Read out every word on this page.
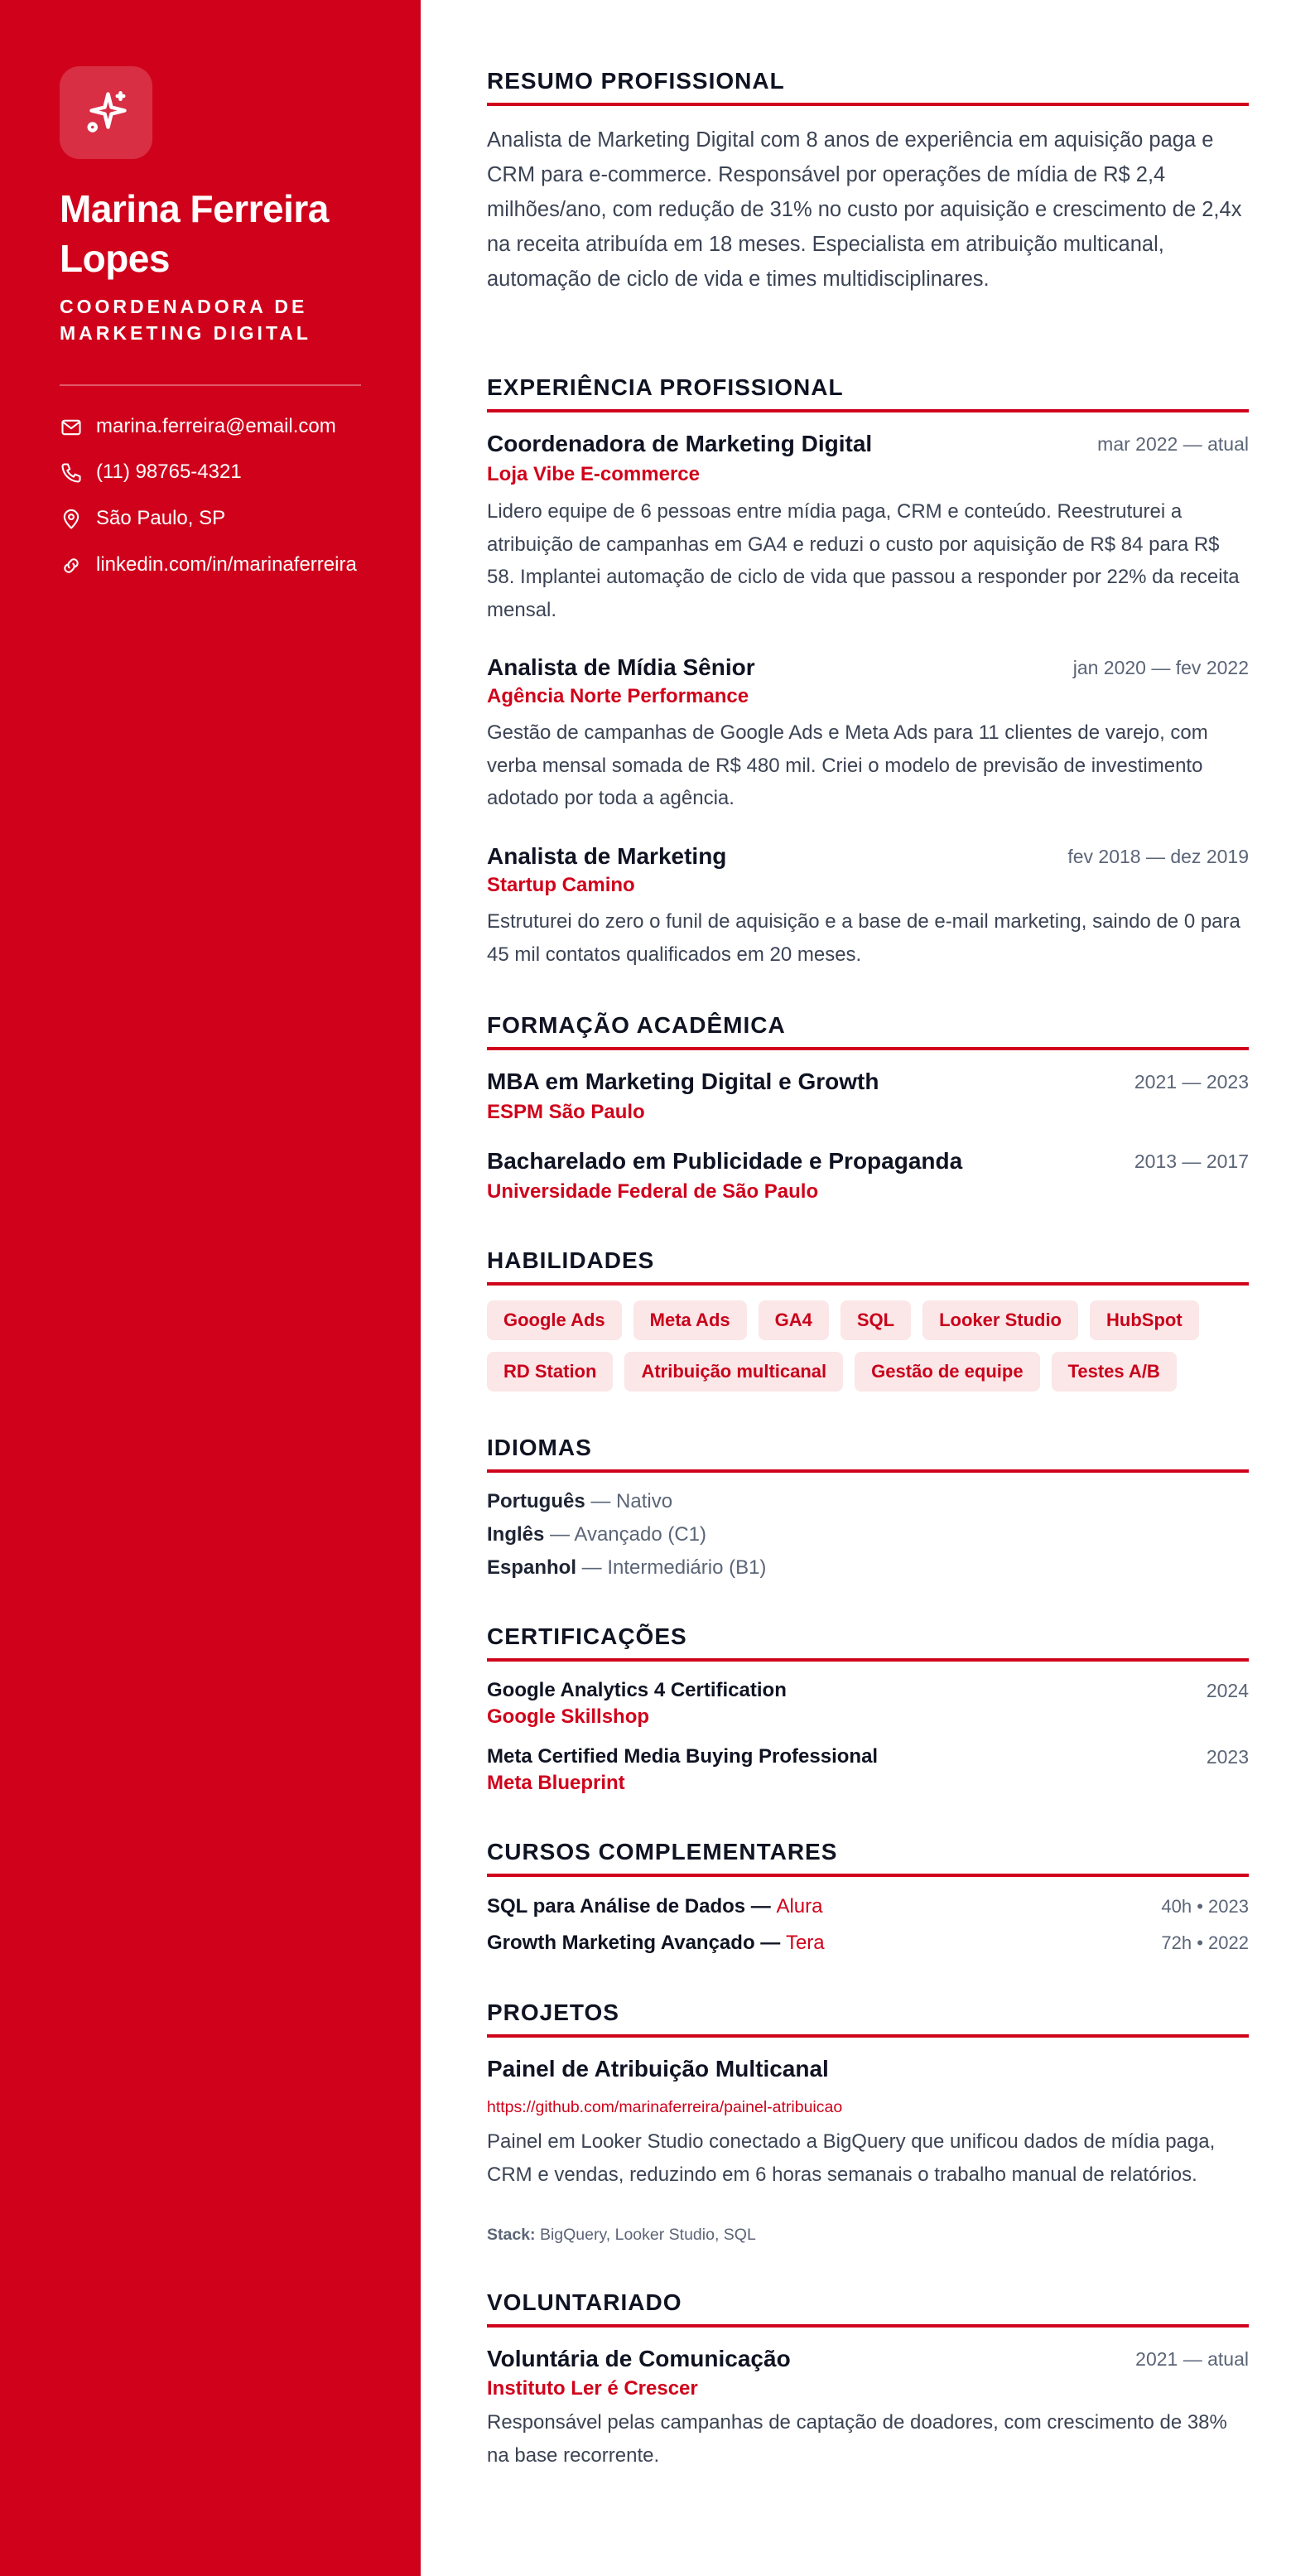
Marina Ferreira Lopes
COORDENADORA DE MARKETING DIGITAL
marina.ferreira@email.com
(11) 98765-4321
São Paulo, SP
linkedin.com/in/marinaferreira
RESUMO PROFISSIONAL

Analista de Marketing Digital com 8 anos de experiência em aquisição paga e CRM para e-commerce. Responsável por operações de mídia de R$ 2,4 milhões/ano, com redução de 31% no custo por aquisição e crescimento de 2,4x na receita atribuída em 18 meses. Especialista em atribuição multicanal, automação de ciclo de vida e times multidisciplinares.

EXPERIÊNCIA PROFISSIONAL
Coordenadora de Marketing Digital	mar 2022 — atual
Loja Vibe E-commerce

Lidero equipe de 6 pessoas entre mídia paga, CRM e conteúdo. Reestruturei a atribuição de campanhas em GA4 e reduzi o custo por aquisição de R$ 84 para R$ 58. Implantei automação de ciclo de vida que passou a responder por 22% da receita mensal.

Analista de Mídia Sênior	jan 2020 — fev 2022
Agência Norte Performance

Gestão de campanhas de Google Ads e Meta Ads para 11 clientes de varejo, com verba mensal somada de R$ 480 mil. Criei o modelo de previsão de investimento adotado por toda a agência.

Analista de Marketing	fev 2018 — dez 2019
Startup Camino

Estruturei do zero o funil de aquisição e a base de e-mail marketing, saindo de 0 para 45 mil contatos qualificados em 20 meses.

FORMAÇÃO ACADÊMICA
MBA em Marketing Digital e Growth	2021 — 2023
ESPM São Paulo
Bacharelado em Publicidade e Propaganda	2013 — 2017
Universidade Federal de São Paulo
HABILIDADES
Google Ads	Meta Ads	GA4	SQL	Looker Studio	HubSpot
RD Station	Atribuição multicanal	Gestão de equipe	Testes A/B
IDIOMAS
Português — Nativo
Inglês — Avançado (C1)
Espanhol — Intermediário (B1)
CERTIFICAÇÕES
Google Analytics 4 Certification	2024
Google Skillshop
Meta Certified Media Buying Professional	2023
Meta Blueprint
CURSOS COMPLEMENTARES
SQL para Análise de Dados — Alura	40h • 2023
Growth Marketing Avançado — Tera	72h • 2022
PROJETOS
Painel de Atribuição Multicanal
https://github.com/marinaferreira/painel-atribuicao

Painel em Looker Studio conectado a BigQuery que unificou dados de mídia paga, CRM e vendas, reduzindo em 6 horas semanais o trabalho manual de relatórios.

Stack: BigQuery, Looker Studio, SQL
VOLUNTARIADO
Voluntária de Comunicação	2021 — atual
Instituto Ler é Crescer

Responsável pelas campanhas de captação de doadores, com crescimento de 38% na base recorrente.
